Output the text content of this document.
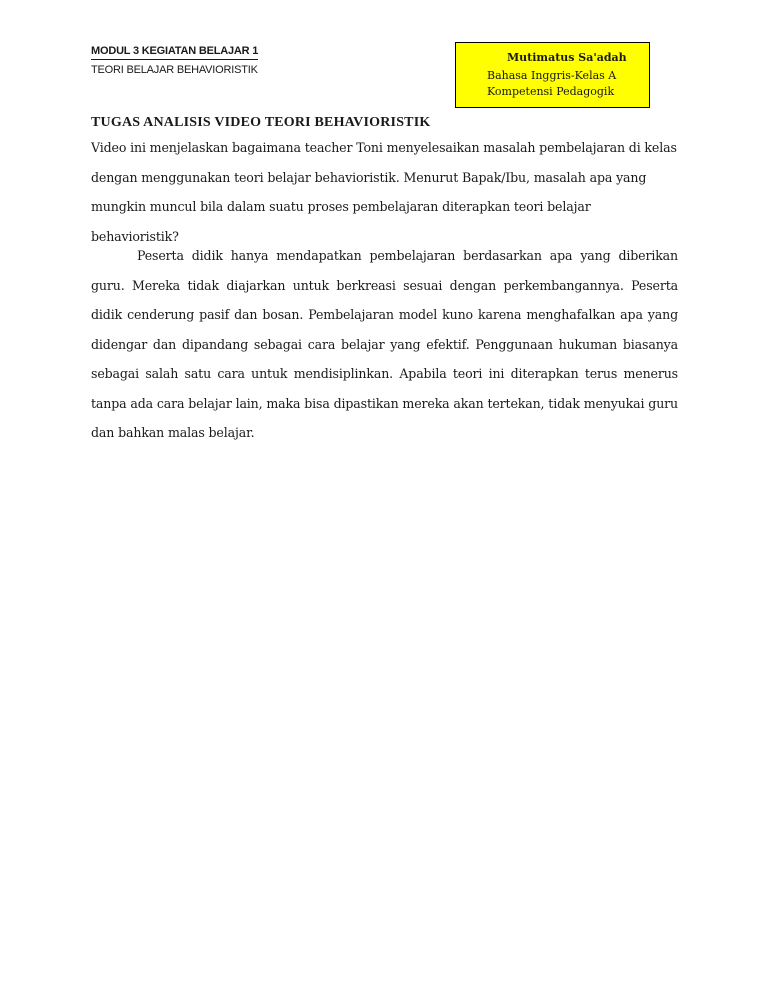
MODUL 3 KEGIATAN BELAJAR 1
TEORI BELAJAR BEHAVIORISTIK
Mutimatus Sa'adah
Bahasa Inggris-Kelas A
Kompetensi Pedagogik
TUGAS ANALISIS VIDEO TEORI BEHAVIORISTIK
Video ini menjelaskan bagaimana teacher Toni menyelesaikan masalah pembelajaran di kelas dengan menggunakan teori belajar behavioristik. Menurut Bapak/Ibu, masalah apa yang mungkin muncul bila dalam suatu proses pembelajaran diterapkan teori belajar behavioristik?
Peserta didik hanya mendapatkan pembelajaran berdasarkan apa yang diberikan guru. Mereka tidak diajarkan untuk berkreasi sesuai dengan perkembangannya. Peserta didik cenderung pasif dan bosan. Pembelajaran model kuno karena menghafalkan apa yang didengar dan dipandang sebagai cara belajar yang efektif. Penggunaan hukuman biasanya sebagai salah satu cara untuk mendisiplinkan. Apabila teori ini diterapkan terus menerus tanpa ada cara belajar lain, maka bisa dipastikan mereka akan tertekan, tidak menyukai guru dan bahkan malas belajar.
